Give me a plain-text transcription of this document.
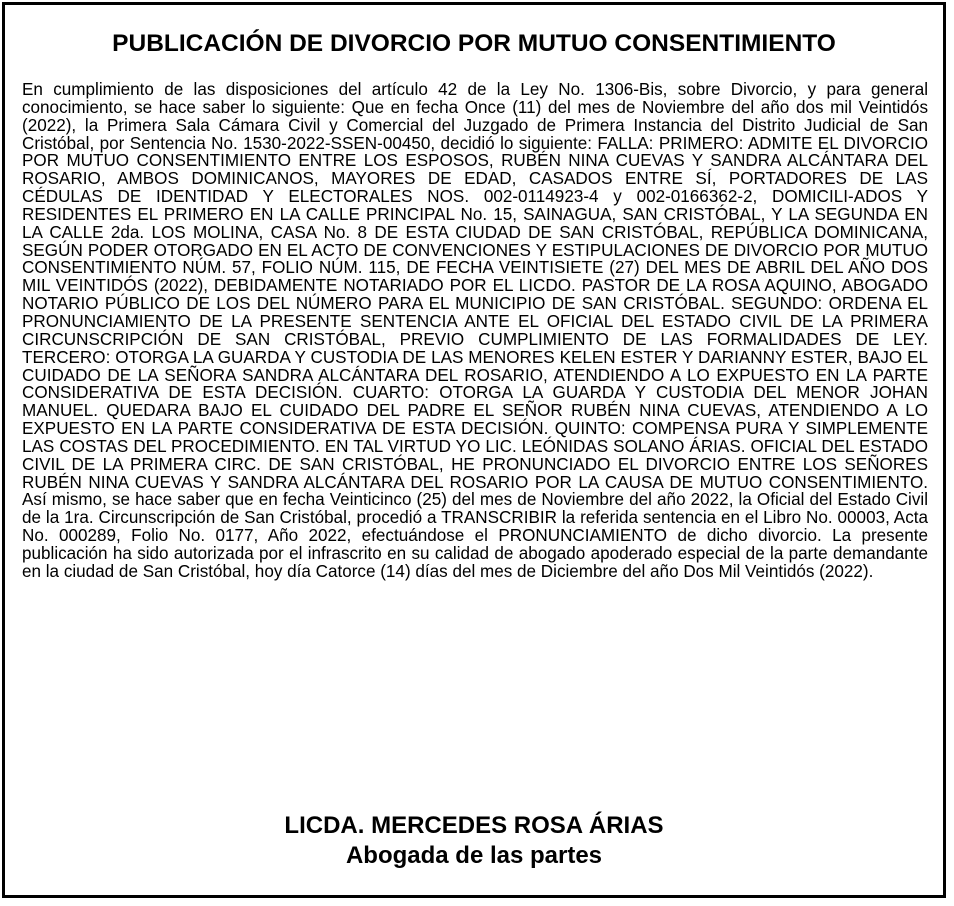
PUBLICACIÓN DE DIVORCIO POR MUTUO CONSENTIMIENTO

En cumplimiento de las disposiciones del artículo 42 de la Ley No. 1306-Bis, sobre Divorcio, y para general conocimiento, se hace saber lo siguiente: Que en fecha Once (11) del mes de Noviembre del año dos mil Veintidós (2022), la Primera Sala Cámara Civil y Comercial del Juzgado de Primera Instancia del Distrito Judicial de San Cristóbal, por Sentencia No. 1530-2022-SSEN-00450, decidió lo siguiente: FALLA: PRIMERO: ADMITE EL DIVORCIO POR MUTUO CONSENTIMIENTO ENTRE LOS ESPOSOS, RUBÉN NINA CUEVAS Y SANDRA ALCÁNTARA DEL ROSARIO, AMBOS DOMINICANOS, MAYORES DE EDAD, CASADOS ENTRE SÍ, PORTADORES DE LAS CÉDULAS DE IDENTIDAD Y ELECTORALES NOS. 002-0114923-4 y 002-0166362-2, DOMICILI-ADOS Y RESIDENTES EL PRIMERO EN LA CALLE PRINCIPAL No. 15, SAINAGUA, SAN CRISTÓBAL, Y LA SEGUNDA EN LA CALLE 2da. LOS MOLINA, CASA No. 8 DE ESTA CIUDAD DE SAN CRISTÓBAL, REPÚBLICA DOMINICANA, SEGÚN PODER OTORGADO EN EL ACTO DE CONVENCIONES Y ESTIPULACIONES DE DIVORCIO POR MUTUO CONSENTIMIENTO NÚM. 57, FOLIO NÚM. 115, DE FECHA VEINTISIETE (27) DEL MES DE ABRIL DEL AÑO DOS MIL VEINTIDÓS (2022), DEBIDAMENTE NOTARIADO POR EL LICDO. PASTOR DE LA ROSA AQUINO, ABOGADO NOTARIO PÚBLICO DE LOS DEL NÚMERO PARA EL MUNICIPIO DE SAN CRISTÓBAL. SEGUNDO: ORDENA EL PRONUNCIAMIENTO DE LA PRESENTE SENTENCIA ANTE EL OFICIAL DEL ESTADO CIVIL DE LA PRIMERA CIRCUNSCRIPCIÓN DE SAN CRISTÓBAL, PREVIO CUMPLIMIENTO DE LAS FORMALIDADES DE LEY. TERCERO: OTORGA LA GUARDA Y CUSTODIA DE LAS MENORES KELEN ESTER Y DARIANNY ESTER, BAJO EL CUIDADO DE LA SEÑORA SANDRA ALCÁNTARA DEL ROSARIO, ATENDIENDO A LO EXPUESTO EN LA PARTE CONSIDERATIVA DE ESTA DECISIÓN. CUARTO: OTORGA LA GUARDA Y CUSTODIA DEL MENOR JOHAN MANUEL. QUEDARA BAJO EL CUIDADO DEL PADRE EL SEÑOR RUBÉN NINA CUEVAS, ATENDIENDO A LO EXPUESTO EN LA PARTE CONSIDERATIVA DE ESTA DECISIÓN. QUINTO: COMPENSA PURA Y SIMPLEMENTE LAS COSTAS DEL PROCEDIMIENTO. EN TAL VIRTUD YO LIC. LEÓNIDAS SOLANO ÁRIAS. OFICIAL DEL ESTADO CIVIL DE LA PRIMERA CIRC. DE SAN CRISTÓBAL, HE PRONUNCIADO EL DIVORCIO ENTRE LOS SEÑORES RUBÉN NINA CUEVAS Y SANDRA ALCÁNTARA DEL ROSARIO POR LA CAUSA DE MUTUO CONSENTIMIENTO. Así mismo, se hace saber que en fecha Veinticinco (25) del mes de Noviembre del año 2022, la Oficial del Estado Civil de la 1ra. Circunscripción de San Cristóbal, procedió a TRANSCRIBIR la referida sentencia en el Libro No. 00003, Acta No. 000289, Folio No. 0177, Año 2022, efectuándose el PRONUNCIAMIENTO de dicho divorcio. La presente publicación ha sido autorizada por el infrascrito en su calidad de abogado apoderado especial de la parte demandante en la ciudad de San Cristóbal, hoy día Catorce (14) días del mes de Diciembre del año Dos Mil Veintidós (2022).

LICDA. MERCEDES ROSA ÁRIAS
Abogada de las partes
